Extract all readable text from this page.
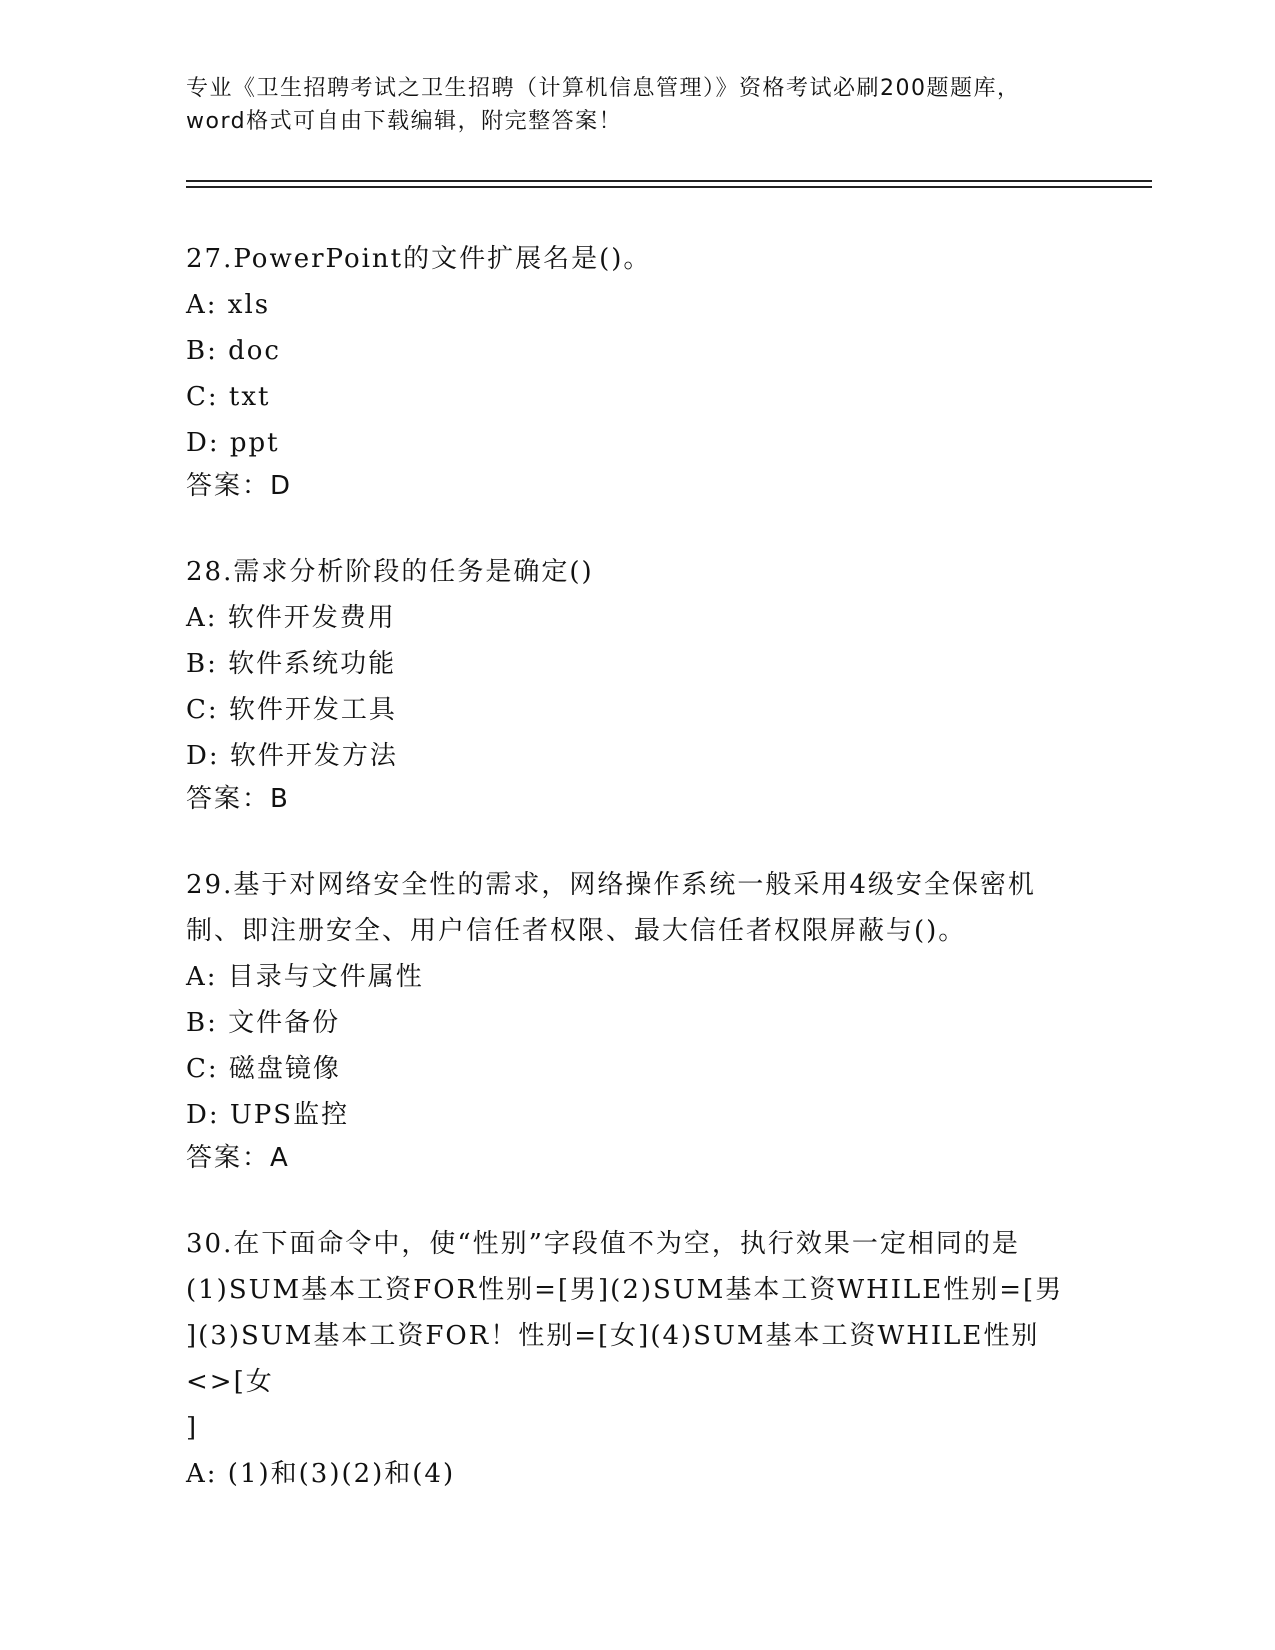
专业《卫生招聘考试之卫生招聘（计算机信息管理）》资格考试必刷200题题库，
word格式可自由下载编辑，附完整答案！
27.PowerPoint的文件扩展名是()。
A: xls
B: doc
C: txt
D: ppt
答案：D
28.需求分析阶段的任务是确定()
A: 软件开发费用
B: 软件系统功能
C: 软件开发工具
D: 软件开发方法
答案：B
29.基于对网络安全性的需求，网络操作系统一般采用4级安全保密机
制、即注册安全、用户信任者权限、最大信任者权限屏蔽与()。
A: 目录与文件属性
B: 文件备份
C: 磁盘镜像
D: UPS监控
答案：A
30.在下面命令中，使“性别”字段值不为空，执行效果一定相同的是
(1)SUM基本工资FOR性别=[男](2)SUM基本工资WHILE性别=[男
](3)SUM基本工资FOR！性别=[女](4)SUM基本工资WHILE性别<>[女
]
A: (1)和(3)(2)和(4)
